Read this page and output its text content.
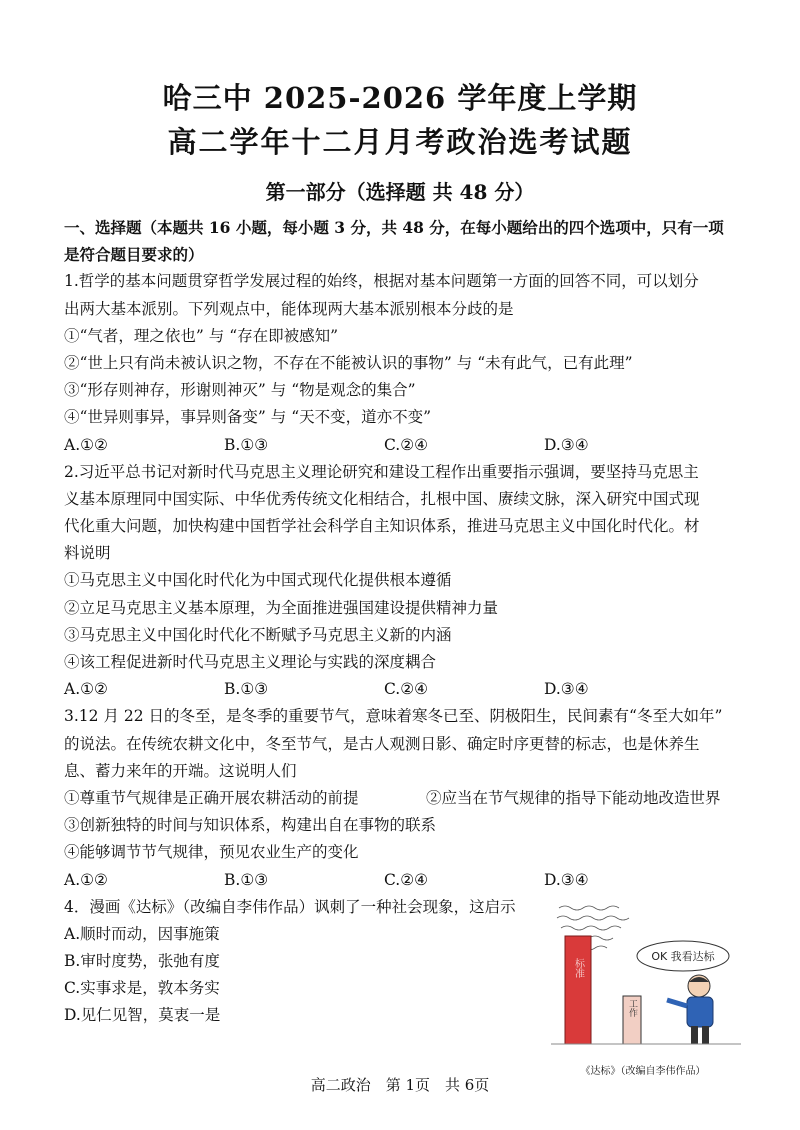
哈三中 2025-2026 学年度上学期
高二学年十二月月考政治选考试题
第一部分（选择题 共 48 分）
一、选择题（本题共 16 小题，每小题 3 分，共 48 分，在每小题给出的四个选项中，只有一项
是符合题目要求的）
1.哲学的基本问题贯穿哲学发展过程的始终，根据对基本问题第一方面的回答不同，可以划分
出两大基本派别。下列观点中，能体现两大基本派别根本分歧的是
①“气者，理之依也” 与 “存在即被感知”
②“世上只有尚未被认识之物，不存在不能被认识的事物” 与 “未有此气，已有此理”
③“形存则神存，形谢则神灭” 与 “物是观念的集合”
④“世异则事异，事异则备变” 与 “天不变，道亦不变”
A.①②	B.①③	C.②④	D.③④
2.习近平总书记对新时代马克思主义理论研究和建设工程作出重要指示强调，要坚持马克思主
义基本原理同中国实际、中华优秀传统文化相结合，扎根中国、赓续文脉，深入研究中国式现
代化重大问题，加快构建中国哲学社会科学自主知识体系，推进马克思主义中国化时代化。材
料说明
①马克思主义中国化时代化为中国式现代化提供根本遵循
②立足马克思主义基本原理，为全面推进强国建设提供精神力量
③马克思主义中国化时代化不断赋予马克思主义新的内涵
④该工程促进新时代马克思主义理论与实践的深度耦合
A.①②	B.①③	C.②④	D.③④
3.12 月 22 日的冬至，是冬季的重要节气，意味着寒冬已至、阴极阳生，民间素有“冬至大如年”
的说法。在传统农耕文化中，冬至节气，是古人观测日影、确定时序更替的标志，也是休养生
息、蓄力来年的开端。这说明人们
①尊重节气规律是正确开展农耕活动的前提	②应当在节气规律的指导下能动地改造世界
③创新独特的时间与知识体系，构建出自在事物的联系
④能够调节节气规律，预见农业生产的变化
A.①②	B.①③	C.②④	D.③④
4．漫画《达标》（改编自李伟作品）讽刺了一种社会现象，这启示
A.顺时而动，因事施策
B.审时度势，张弛有度
C.实事求是，敦本务实
D.见仁见智，莫衷一是
标准
工作
OK 我看达标
《达标》（改编自李伟作品）
高二政治　第 1页　共 6页
